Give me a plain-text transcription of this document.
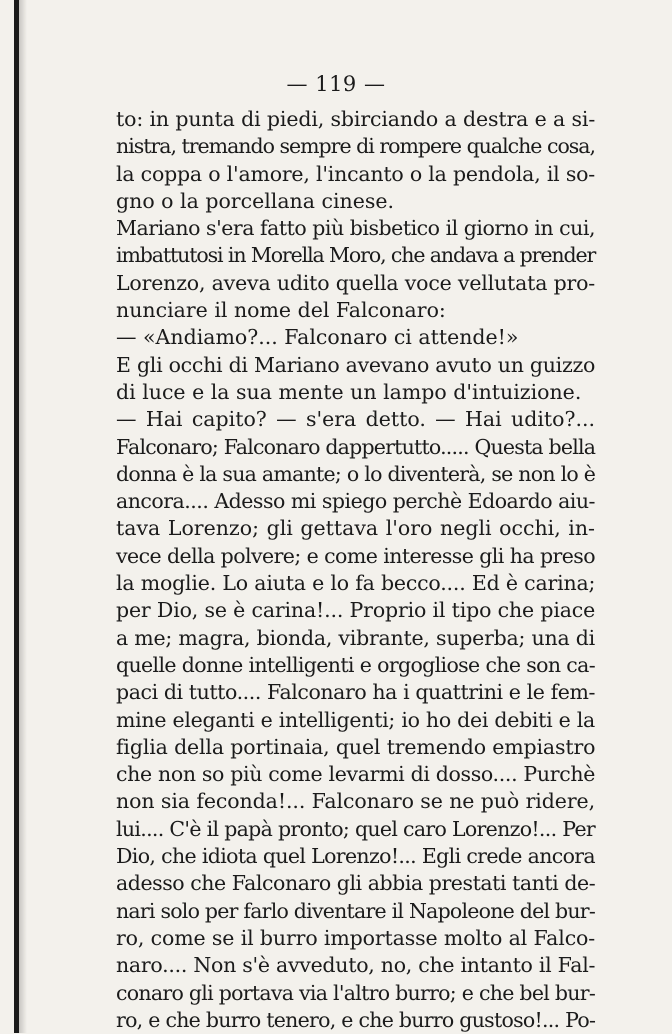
— 119 —
to: in punta di piedi, sbirciando a destra e a si-
nistra, tremando sempre di rompere qualche cosa,
la coppa o l'amore, l'incanto o la pendola, il so-
gno o la porcellana cinese.
Mariano s'era fatto più bisbetico il giorno in cui,
imbattutosi in Morella Moro, che andava a prender
Lorenzo, aveva udito quella voce vellutata pro-
nunciare il nome del Falconaro:
— «Andiamo?... Falconaro ci attende!»
E gli occhi di Mariano avevano avuto un guizzo
di luce e la sua mente un lampo d'intuizione.
— Hai capito? — s'era detto. — Hai udito?...
Falconaro; Falconaro dappertutto..... Questa bella
donna è la sua amante; o lo diventerà, se non lo è
ancora.... Adesso mi spiego perchè Edoardo aiu-
tava Lorenzo; gli gettava l'oro negli occhi, in-
vece della polvere; e come interesse gli ha preso
la moglie. Lo aiuta e lo fa becco.... Ed è carina;
per Dio, se è carina!... Proprio il tipo che piace
a me; magra, bionda, vibrante, superba; una di
quelle donne intelligenti e orgogliose che son ca-
paci di tutto.... Falconaro ha i quattrini e le fem-
mine eleganti e intelligenti; io ho dei debiti e la
figlia della portinaia, quel tremendo empiastro
che non so più come levarmi di dosso.... Purchè
non sia feconda!... Falconaro se ne può ridere,
lui.... C'è il papà pronto; quel caro Lorenzo!... Per
Dio, che idiota quel Lorenzo!... Egli crede ancora
adesso che Falconaro gli abbia prestati tanti de-
nari solo per farlo diventare il Napoleone del bur-
ro, come se il burro importasse molto al Falco-
naro.... Non s'è avveduto, no, che intanto il Fal-
conaro gli portava via l'altro burro; e che bel bur-
ro, e che burro tenero, e che burro gustoso!... Po-
